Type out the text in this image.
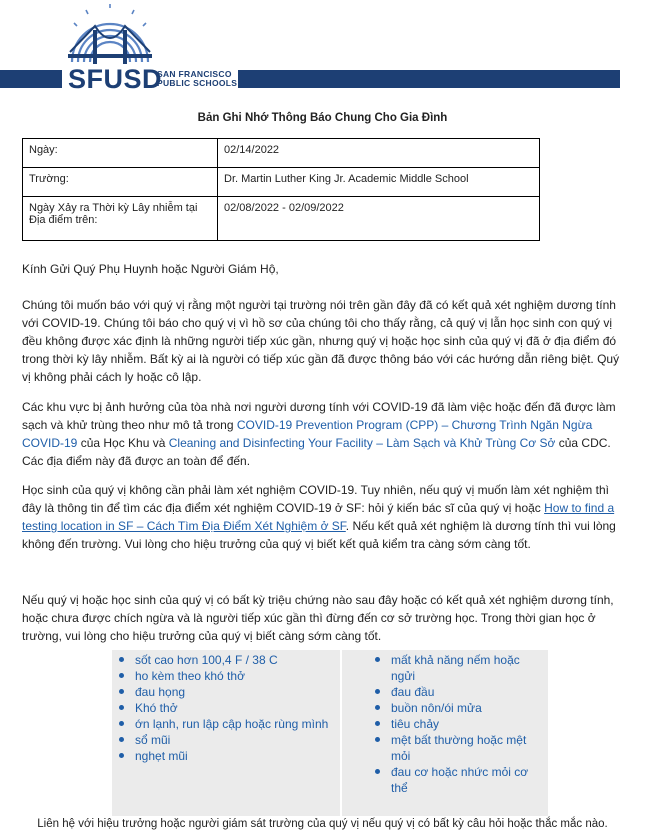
SFUSD
SAN FRANCISCO
PUBLIC SCHOOLS
Bản Ghi Nhớ Thông Báo Chung Cho Gia Đình
Ngày:	02/14/2022
Trường:	Dr. Martin Luther King Jr. Academic Middle School
Ngày Xảy ra Thời kỳ Lây nhiễm tại Địa điểm trên:	02/08/2022 - 02/09/2022
Kính Gửi Quý Phụ Huynh hoặc Người Giám Hộ,
Chúng tôi muốn báo với quý vị rằng một người tại trường nói trên gần đây đã có kết quả xét nghiệm dương tính với COVID-19. Chúng tôi báo cho quý vị vì hồ sơ của chúng tôi cho thấy rằng, cả quý vị lẫn học sinh con quý vị đều không được xác định là những người tiếp xúc gần, nhưng quý vị hoặc học sinh của quý vị đã ở địa điểm đó trong thời kỳ lây nhiễm. Bất kỳ ai là người có tiếp xúc gần đã được thông báo với các hướng dẫn riêng biệt. Quý vị không phải cách ly hoặc cô lập.
Các khu vực bị ảnh hưởng của tòa nhà nơi người dương tính với COVID-19 đã làm việc hoặc đến đã được làm sạch và khử trùng theo như mô tả trong COVID-19 Prevention Program (CPP) – Chương Trình Ngăn Ngừa COVID-19 của Học Khu và Cleaning and Disinfecting Your Facility – Làm Sạch và Khử Trùng Cơ Sở của CDC. Các địa điểm này đã được an toàn để đến.
Học sinh của quý vị không cần phải làm xét nghiệm COVID-19. Tuy nhiên, nếu quý vị muốn làm xét nghiệm thì đây là thông tin để tìm các địa điểm xét nghiệm COVID-19 ở SF: hỏi ý kiến bác sĩ của quý vị hoặc How to find a testing location in SF – Cách Tìm Địa Điểm Xét Nghiệm ở SF. Nếu kết quả xét nghiệm là dương tính thì vui lòng không đến trường. Vui lòng cho hiệu trưởng của quý vị biết kết quả kiểm tra càng sớm càng tốt.
Nếu quý vị hoặc học sinh của quý vị có bất kỳ triệu chứng nào sau đây hoặc có kết quả xét nghiệm dương tính, hoặc chưa được chích ngừa và là người tiếp xúc gần thì đừng đến cơ sở trường học. Trong thời gian học ở trường, vui lòng cho hiệu trưởng của quý vị biết càng sớm càng tốt.
sốt cao hơn 100,4 F / 38 C
ho kèm theo khó thở
đau họng
Khó thở
ớn lạnh, run lập cập hoặc rùng mình
sổ mũi
nghẹt mũi
mất khả năng nếm hoặc ngửi
đau đầu
buồn nôn/ói mửa
tiêu chảy
mệt bất thường hoặc mệt mỏi
đau cơ hoặc nhức mỏi cơ thể
Liên hệ với hiệu trưởng hoặc người giám sát trường của quý vị nếu quý vị có bất kỳ câu hỏi hoặc thắc mắc nào.
